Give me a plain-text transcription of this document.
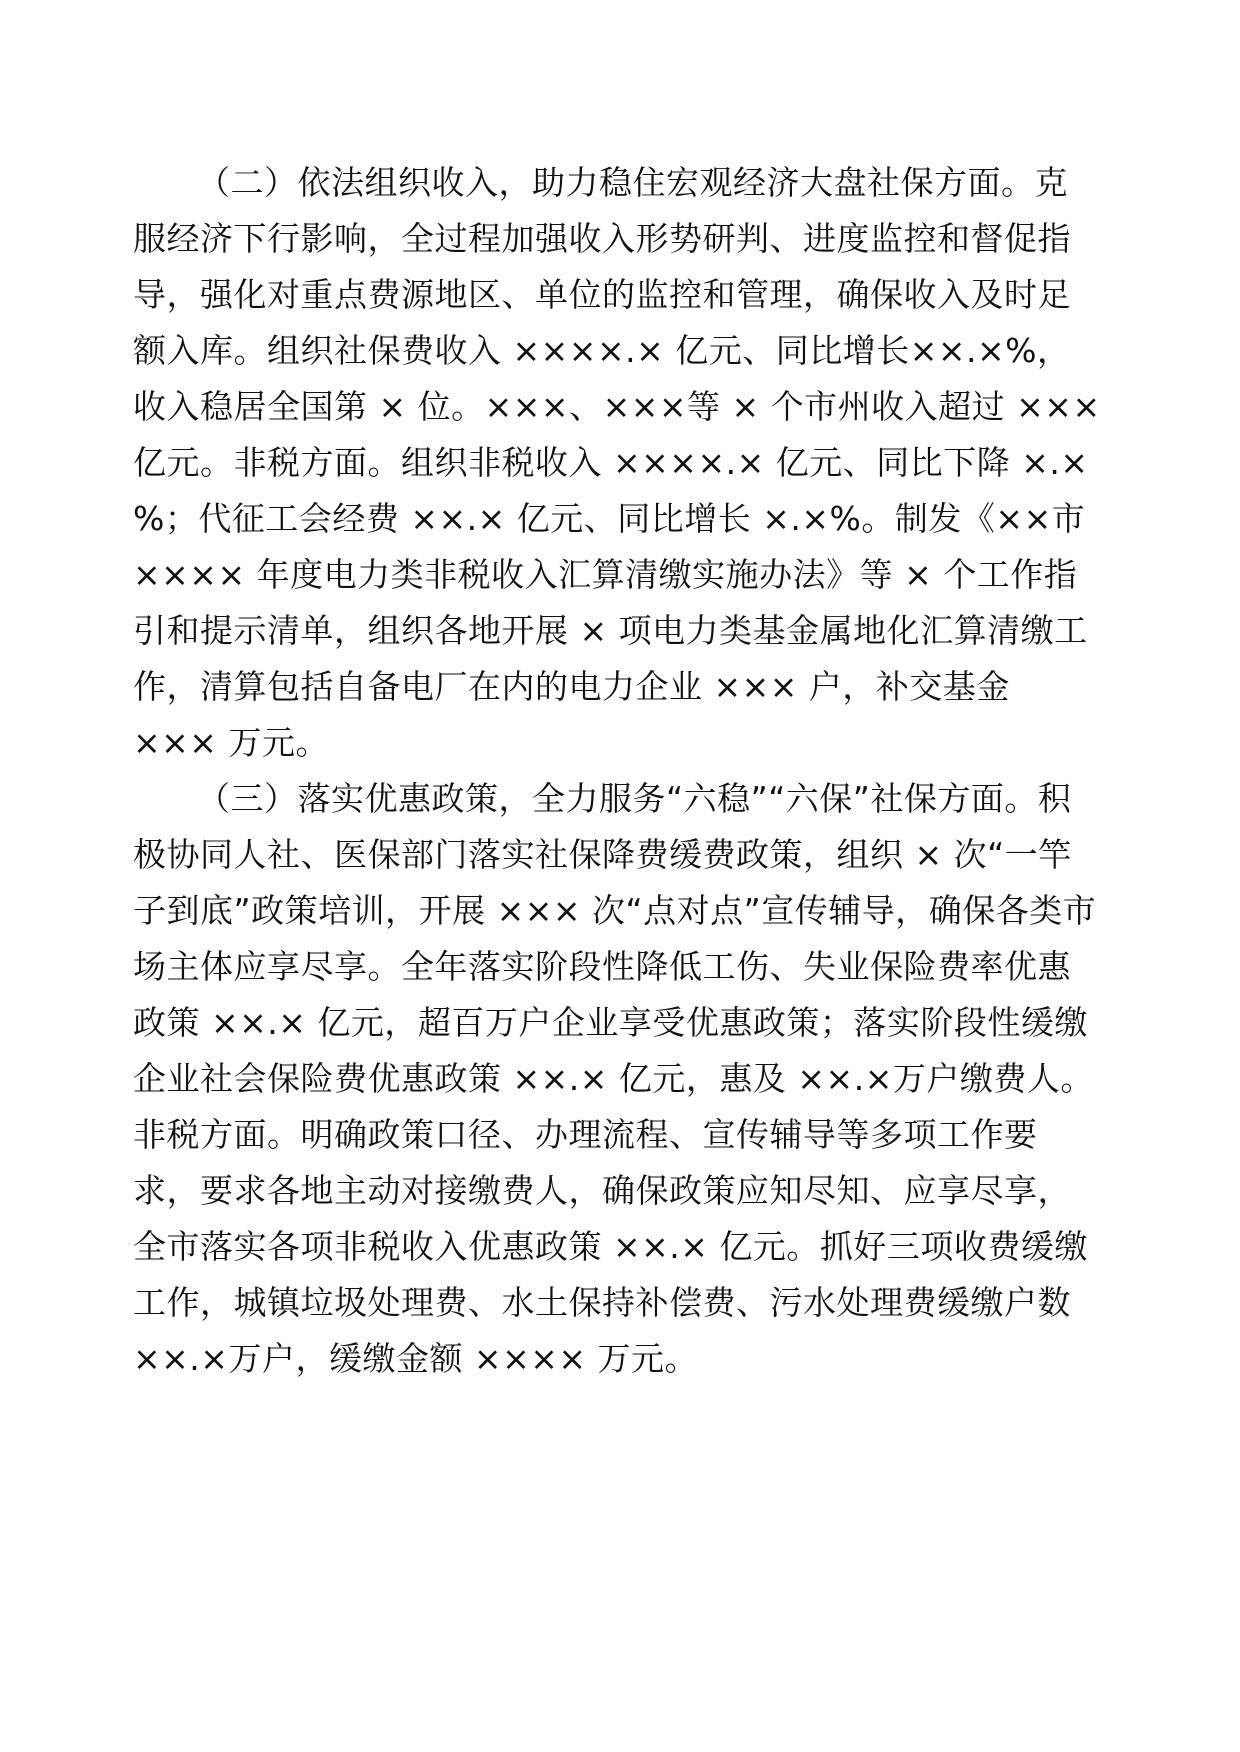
（二）依法组织收入，助力稳住宏观经济大盘社保方面。克

服经济下行影响，全过程加强收入形势研判、进度监控和督促指

导，强化对重点费源地区、单位的监控和管理，确保收入及时足

额入库。组织社保费收入 ××××.× 亿元、同比增长××.×%，

收入稳居全国第 × 位。×××、×××等 × 个市州收入超过 ×××

亿元。非税方面。组织非税收入 ××××.× 亿元、同比下降 ×.×

%；代征工会经费 ××.× 亿元、同比增长 ×.×%。制发《××市

×××× 年度电力类非税收入汇算清缴实施办法》等 × 个工作指

引和提示清单，组织各地开展 × 项电力类基金属地化汇算清缴工

作，清算包括自备电厂在内的电力企业 ××× 户，补交基金

××× 万元。

（三）落实优惠政策，全力服务“六稳”“六保”社保方面。积

极协同人社、医保部门落实社保降费缓费政策，组织 × 次“一竿

子到底”政策培训，开展 ××× 次“点对点”宣传辅导，确保各类市

场主体应享尽享。全年落实阶段性降低工伤、失业保险费率优惠

政策 ××.× 亿元，超百万户企业享受优惠政策；落实阶段性缓缴

企业社会保险费优惠政策 ××.× 亿元，惠及 ××.×万户缴费人。

非税方面。明确政策口径、办理流程、宣传辅导等多项工作要

求，要求各地主动对接缴费人，确保政策应知尽知、应享尽享，

全市落实各项非税收入优惠政策 ××.× 亿元。抓好三项收费缓缴

工作，城镇垃圾处理费、水土保持补偿费、污水处理费缓缴户数

××.×万户，缓缴金额 ×××× 万元。
